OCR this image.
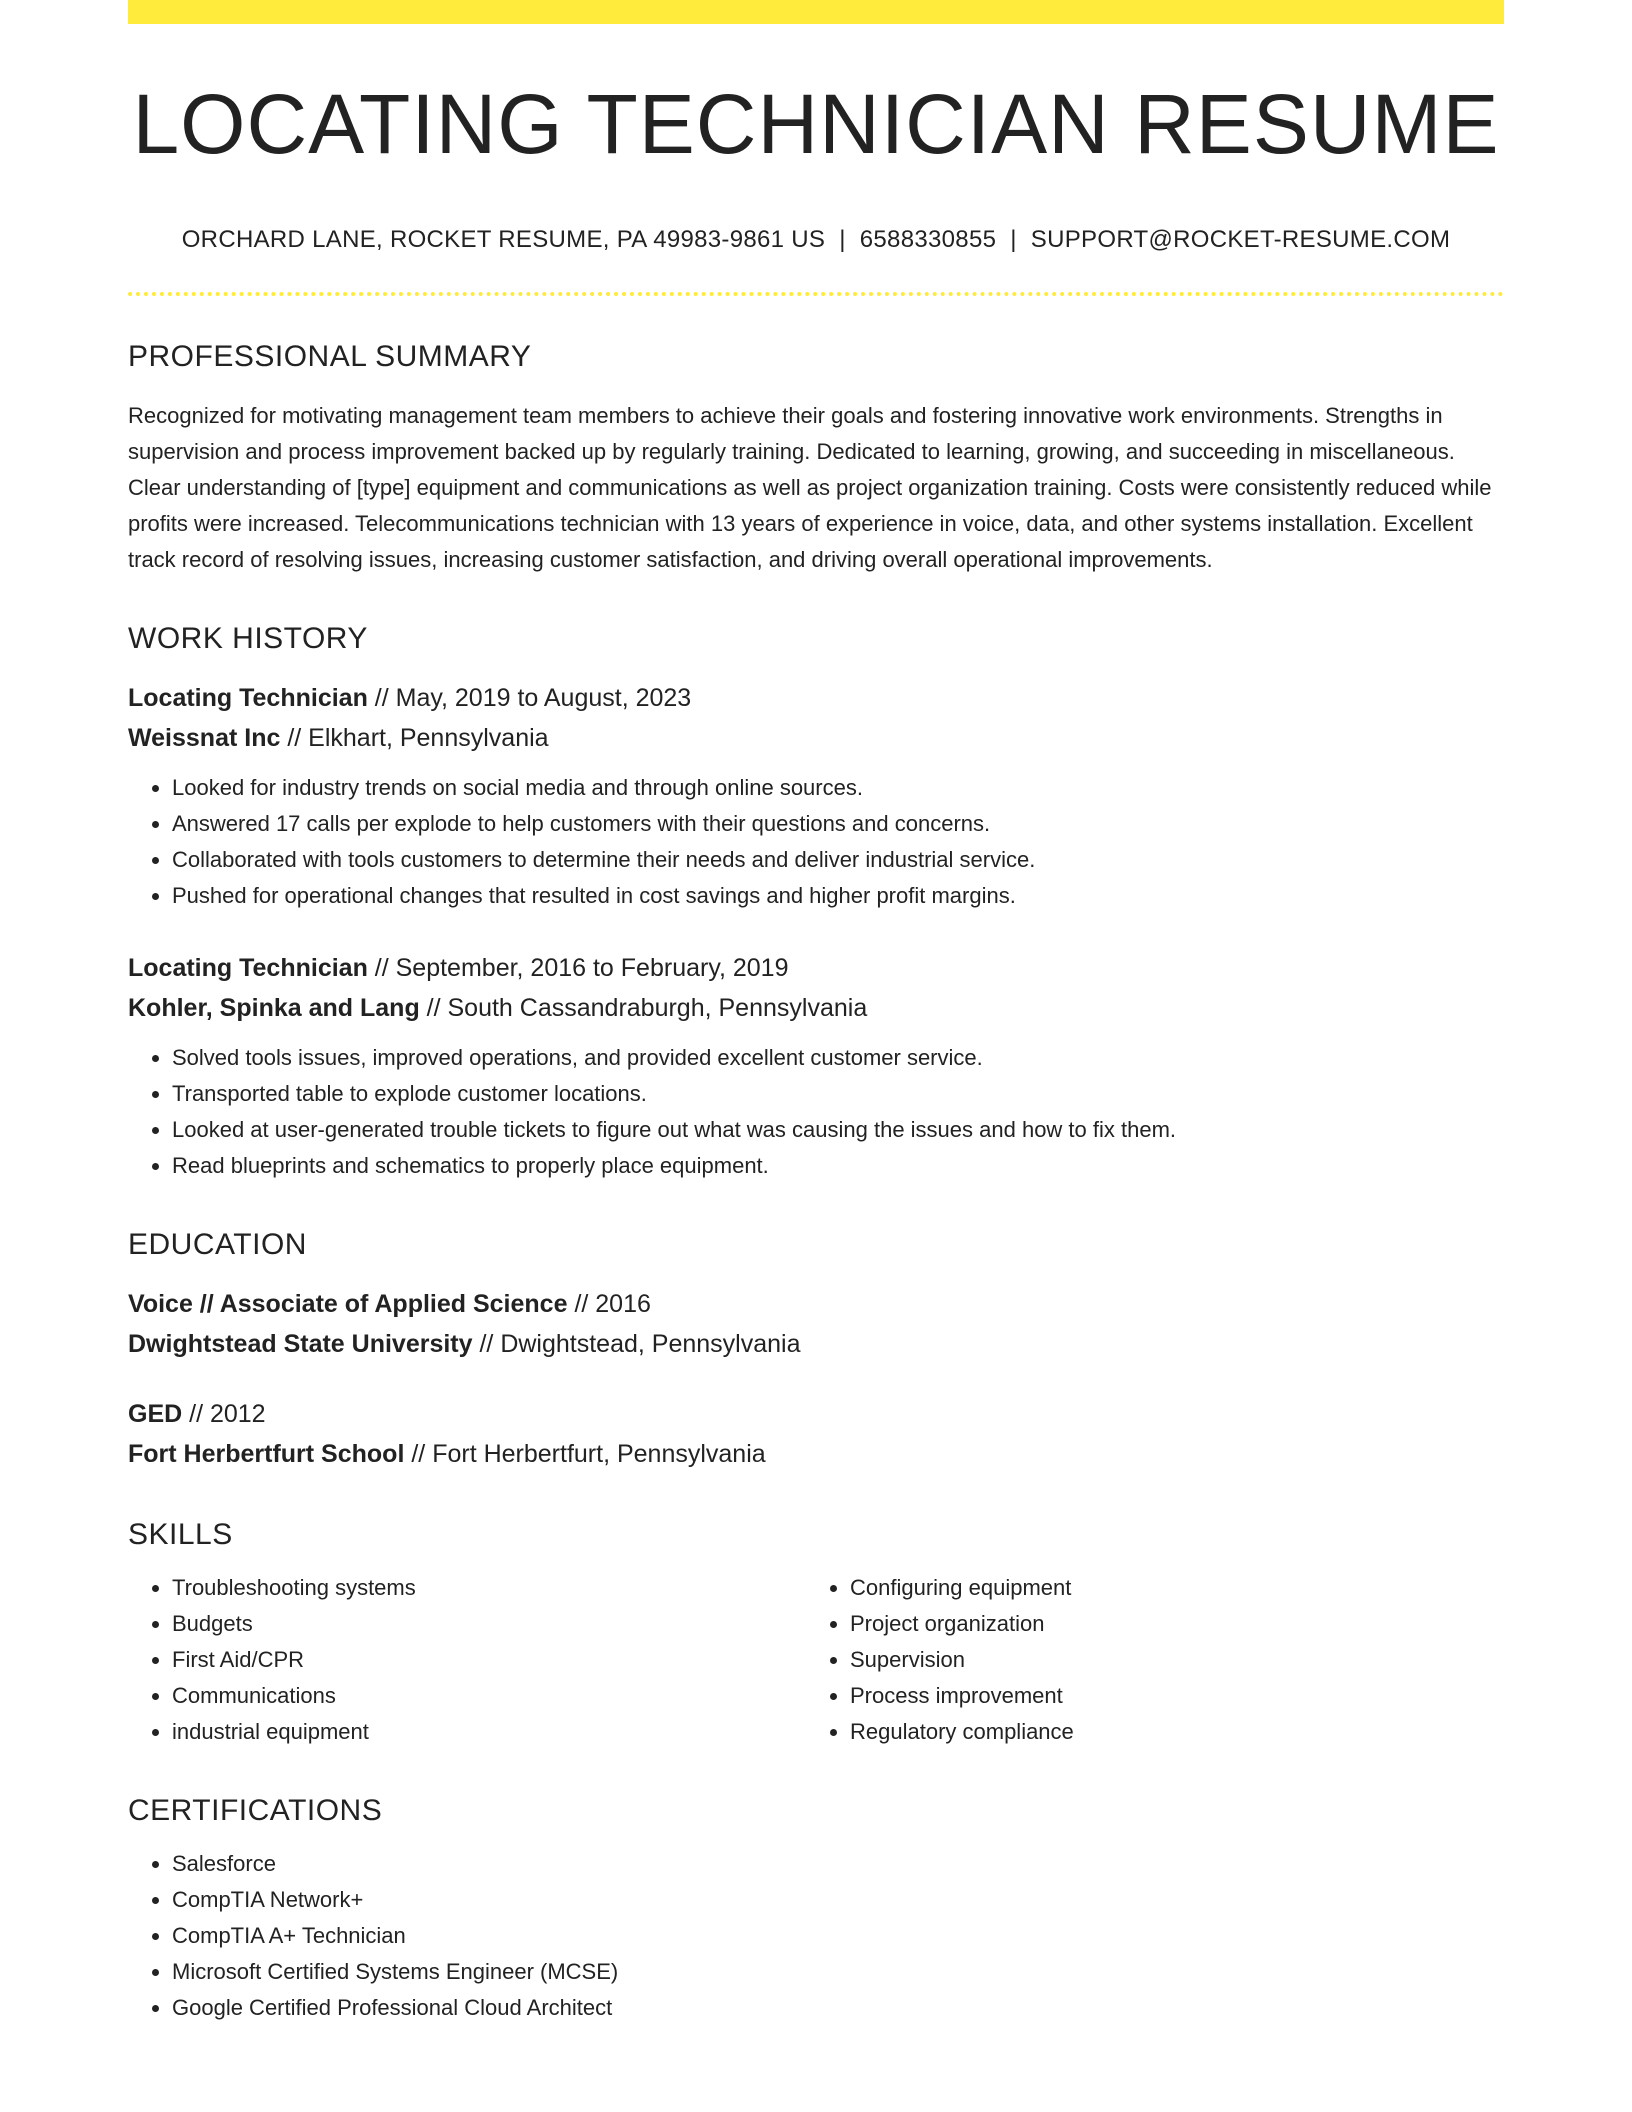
LOCATING TECHNICIAN RESUME
ORCHARD LANE, ROCKET RESUME, PA 49983-9861 US | 6588330855 | SUPPORT@ROCKET-RESUME.COM
PROFESSIONAL SUMMARY
Recognized for motivating management team members to achieve their goals and fostering innovative work environments. Strengths in supervision and process improvement backed up by regularly training. Dedicated to learning, growing, and succeeding in miscellaneous. Clear understanding of [type] equipment and communications as well as project organization training. Costs were consistently reduced while profits were increased. Telecommunications technician with 13 years of experience in voice, data, and other systems installation. Excellent track record of resolving issues, increasing customer satisfaction, and driving overall operational improvements.
WORK HISTORY
Locating Technician // May, 2019 to August, 2023
Weissnat Inc // Elkhart, Pennsylvania
• Looked for industry trends on social media and through online sources.
• Answered 17 calls per explode to help customers with their questions and concerns.
• Collaborated with tools customers to determine their needs and deliver industrial service.
• Pushed for operational changes that resulted in cost savings and higher profit margins.
Locating Technician // September, 2016 to February, 2019
Kohler, Spinka and Lang // South Cassandraburgh, Pennsylvania
• Solved tools issues, improved operations, and provided excellent customer service.
• Transported table to explode customer locations.
• Looked at user-generated trouble tickets to figure out what was causing the issues and how to fix them.
• Read blueprints and schematics to properly place equipment.
EDUCATION
Voice // Associate of Applied Science // 2016
Dwightstead State University // Dwightstead, Pennsylvania
GED // 2012
Fort Herbertfurt School // Fort Herbertfurt, Pennsylvania
SKILLS
• Troubleshooting systems
• Budgets
• First Aid/CPR
• Communications
• industrial equipment
• Configuring equipment
• Project organization
• Supervision
• Process improvement
• Regulatory compliance
CERTIFICATIONS
• Salesforce
• CompTIA Network+
• CompTIA A+ Technician
• Microsoft Certified Systems Engineer (MCSE)
• Google Certified Professional Cloud Architect
